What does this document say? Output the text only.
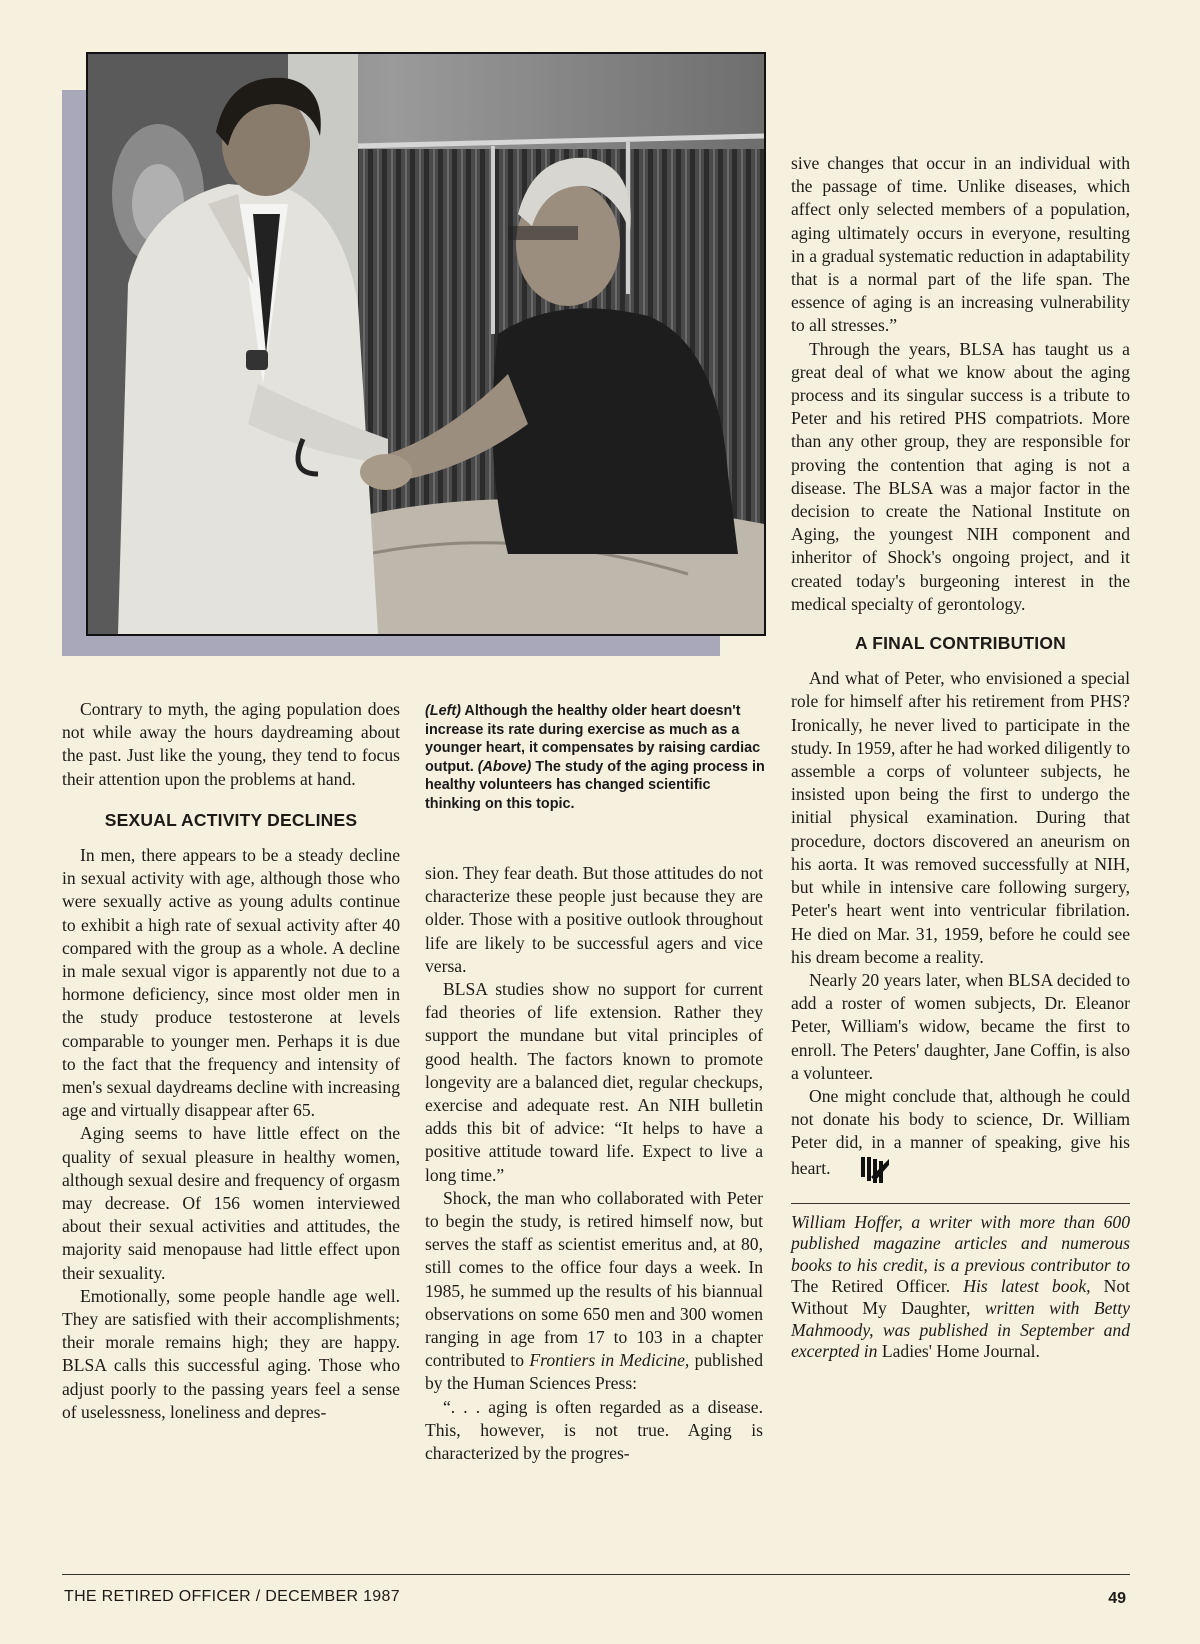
Contrary to myth, the aging population does not while away the hours daydreaming about the past. Just like the young, they tend to focus their attention upon the problems at hand.

SEXUAL ACTIVITY DECLINES

In men, there appears to be a steady decline in sexual activity with age, although those who were sexually active as young adults continue to exhibit a high rate of sexual activity after 40 compared with the group as a whole. A decline in male sexual vigor is apparently not due to a hormone deficiency, since most older men in the study produce testosterone at levels comparable to younger men. Perhaps it is due to the fact that the frequency and intensity of men's sexual daydreams decline with increasing age and virtually disappear after 65.

Aging seems to have little effect on the quality of sexual pleasure in healthy women, although sexual desire and frequency of orgasm may decrease. Of 156 women interviewed about their sexual activities and attitudes, the majority said menopause had little effect upon their sexuality.

Emotionally, some people handle age well. They are satisfied with their accomplishments; their morale remains high; they are happy. BLSA calls this successful aging. Those who adjust poorly to the passing years feel a sense of uselessness, loneliness and depres-

(Left) Although the healthy older heart doesn't increase its rate during exercise as much as a younger heart, it compensates by raising cardiac output. (Above) The study of the aging process in healthy volunteers has changed scientific thinking on this topic.

sion. They fear death. But those attitudes do not characterize these people just because they are older. Those with a positive outlook throughout life are likely to be successful agers and vice versa.

BLSA studies show no support for current fad theories of life extension. Rather they support the mundane but vital principles of good health. The factors known to promote longevity are a balanced diet, regular checkups, exercise and adequate rest. An NIH bulletin adds this bit of advice: “It helps to have a positive attitude toward life. Expect to live a long time.”

Shock, the man who collaborated with Peter to begin the study, is retired himself now, but serves the staff as scientist emeritus and, at 80, still comes to the office four days a week. In 1985, he summed up the results of his biannual observations on some 650 men and 300 women ranging in age from 17 to 103 in a chapter contributed to Frontiers in Medicine, published by the Human Sciences Press:

“. . . aging is often regarded as a disease. This, however, is not true. Aging is characterized by the progres-

sive changes that occur in an individual with the passage of time. Unlike diseases, which affect only selected members of a population, aging ultimately occurs in everyone, resulting in a gradual systematic reduction in adaptability that is a normal part of the life span. The essence of aging is an increasing vulnerability to all stresses.”

Through the years, BLSA has taught us a great deal of what we know about the aging process and its singular success is a tribute to Peter and his retired PHS compatriots. More than any other group, they are responsible for proving the contention that aging is not a disease. The BLSA was a major factor in the decision to create the National Institute on Aging, the youngest NIH component and inheritor of Shock's ongoing project, and it created today's burgeoning interest in the medical specialty of gerontology.

A FINAL CONTRIBUTION

And what of Peter, who envisioned a special role for himself after his retirement from PHS? Ironically, he never lived to participate in the study. In 1959, after he had worked diligently to assemble a corps of volunteer subjects, he insisted upon being the first to undergo the initial physical examination. During that procedure, doctors discovered an aneurism on his aorta. It was removed successfully at NIH, but while in intensive care following surgery, Peter's heart went into ventricular fibrilation. He died on Mar. 31, 1959, before he could see his dream become a reality.

Nearly 20 years later, when BLSA decided to add a roster of women subjects, Dr. Eleanor Peter, William's widow, became the first to enroll. The Peters' daughter, Jane Coffin, is also a volunteer.

One might conclude that, although he could not donate his body to science, Dr. William Peter did, in a manner of speaking, give his heart.

William Hoffer, a writer with more than 600 published magazine articles and numerous books to his credit, is a previous contributor to The Retired Officer. His latest book, Not Without My Daughter, written with Betty Mahmoody, was published in September and excerpted in Ladies' Home Journal.
THE RETIRED OFFICER / DECEMBER 1987	49
